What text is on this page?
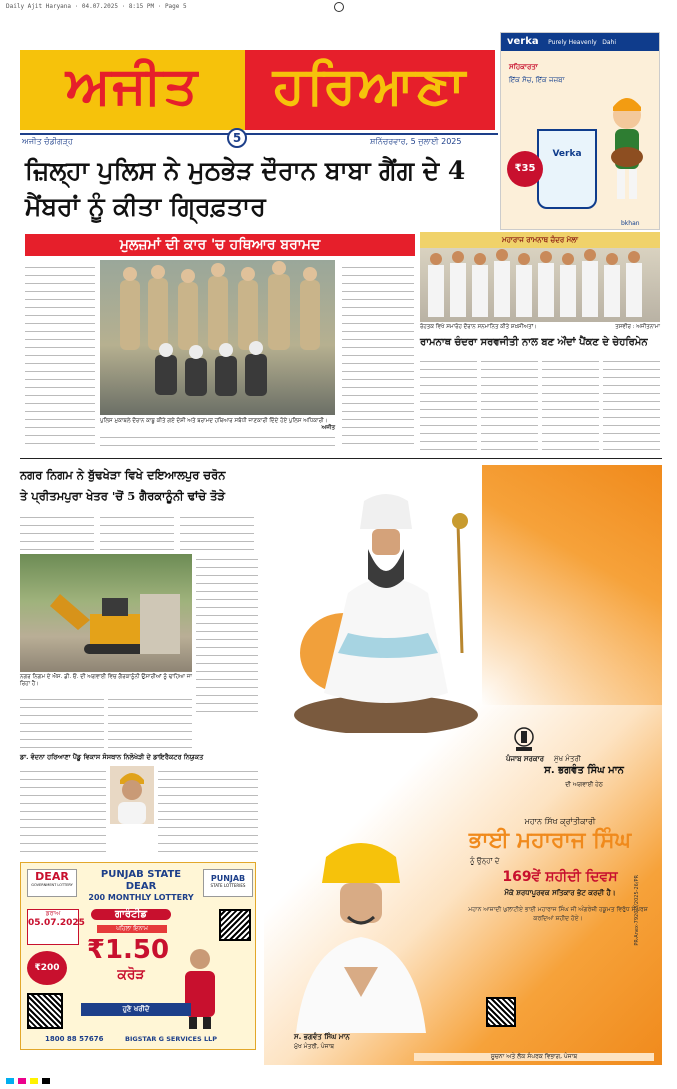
Daily Ajit Haryana · 04.07.2025 · 8:15 PM · Page 5
ਅਜੀਤ	ਹਰਿਆਣਾ
5
ਅਜੀਤ ਚੰਡੀਗੜ੍ਹ	ਸ਼ਨਿੱਚਰਵਾਰ, 5 ਜੁਲਾਈ 2025
verka Purely Heavenly Dahi
ਸਹਿਕਾਰਤਾ
ਇੱਕ ਸੋਚ, ਇੱਕ ਜਜ਼ਬਾ
Verka
₹35
bkhan
ਜ਼ਿਲ੍ਹਾ ਪੁਲਿਸ ਨੇ ਮੁਠਭੇੜ ਦੌਰਾਨ ਬਾਬਾ ਗੈਂਗ ਦੇ 4 ਮੈਂਬਰਾਂ ਨੂੰ ਕੀਤਾ ਗ੍ਰਿਫ਼ਤਾਰ
ਮੁਲਜ਼ਮਾਂ ਦੀ ਕਾਰ 'ਚ ਹਥਿਆਰ ਬਰਾਮਦ
ਪੁਲਿਸ ਮੁਕਾਬਲੇ ਦੌਰਾਨ ਕਾਬੂ ਕੀਤੇ ਗਏ ਦੋਸ਼ੀ ਅਤੇ ਬਰਾਮਦ ਹਥਿਆਰ ਸਬੰਧੀ ਜਾਣਕਾਰੀ ਦਿੰਦੇ ਹੋਏ ਪੁਲਿਸ ਅਧਿਕਾਰੀ।
ਅਜੀਤ
ਮਹਾਰਾਜ ਰਾਮਨਾਥ ਚੰਦਰ ਮੇਲਾ
ਰੋਹਤਕ ਵਿਖੇ ਸਮਾਰੋਹ ਦੌਰਾਨ ਸਨਮਾਨਿਤ ਕੀਤੇ ਸ਼ਖ਼ਸੀਅਤਾਂ।	ਤਸਵੀਰ : ਅਜੀਤਨਾਮਾ
ਰਾਮਨਾਥ ਚੰਦਰਾ ਸਰਵਜੀਤੀ ਨਾਲ ਬਣ ਔਂਦਾਂ ਪੈਂਕਣ ਦੇ ਚੇਹਰਿਮੇਨ
ਨਗਰ ਨਿਗਮ ਨੇ ਬੁੱਢਖੇੜਾ ਵਿਖੇ ਦਇਆਲਪੁਰ ਚਰੋਨ
ਤੇ ਪ੍ਰੀਤਮਪੁਰਾ ਖੇਤਰ 'ਚੋਂ 5 ਗੈਰਕਾਨੂੰਨੀ ਢਾਂਚੇ ਤੋੜੇ
ਨਗਰ ਨਿਗਮ ਦੇ ਐਸ. ਡੀ. ਓ. ਦੀ ਅਗਵਾਈ ਵਿਚ ਗੈਰਕਾਨੂੰਨੀ ਉਸਾਰੀਆਂ ਨੂੰ ਢਾਹਿਆ ਜਾ ਰਿਹਾ ਹੈ।
ਡਾ. ਵੰਦਨਾ ਹਰਿਆਣਾ ਪੈਂਡੂ ਵਿਕਾਸ ਸੰਸਥਾਨ ਨਿਲੋਖੇੜੀ ਦੇ ਡਾਇਰੈਕਟਰ ਨਿਯੁਕਤ
DEAR
GOVERNMENT LOTTERY
PUNJAB STATE
DEAR
200 MONTHLY LOTTERY
PUNJAB
STATE LOTTERIES
ਡਰਾਅ
05.07.2025
ਗਾਰੰਟੀਡ
ਪਹਿਲਾ ਇਨਾਮ
₹1.50
ਕਰੋੜ
₹200
ਹੁਣੇ ਖਰੀਦੋ
1800 88 57676	BIGSTAR G SERVICES LLP
ਪੰਜਾਬ ਸਰਕਾਰ	ਮੁੱਖ ਮੰਤਰੀ
ਸ. ਭਗਵੰਤ ਸਿੰਘ ਮਾਨ
ਦੀ ਅਗਵਾਈ ਹੇਠ
ਮਹਾਨ ਸਿੱਖ ਕ੍ਰਾਂਤੀਕਾਰੀ
ਭਾਈ ਮਹਾਰਾਜ ਸਿੰਘ
ਨੂੰ ਉਨ੍ਹਾਂ ਦੇ
169ਵੇਂ ਸ਼ਹੀਦੀ ਦਿਵਸ
ਮੌਕੇ ਸ਼ਰਧਾਪੂਰਵਕ ਸਤਿਕਾਰ ਭੇਟ ਕਰਦੀ ਹੈ।
ਮਹਾਨ ਆਜ਼ਾਦੀ ਘੁਲਾਟੀਏ ਭਾਈ ਮਹਾਰਾਜ ਸਿੰਘ ਜੀ ਅੰਗਰੇਜ਼ੀ ਹਕੂਮਤ ਵਿਰੁੱਧ ਸੰਘਰਸ਼ ਕਰਦਿਆਂ ਸ਼ਹੀਦ ਹੋਏ।
ਸ. ਭਗਵੰਤ ਸਿੰਘ ਮਾਨ
ਮੁੱਖ ਮੰਤਰੀ, ਪੰਜਾਬ
ਸੂਚਨਾ ਅਤੇ ਲੋਕ ਸੰਪਰਕ ਵਿਭਾਗ, ਪੰਜਾਬ
PR-Anex-7920/3/2025-26/PR
